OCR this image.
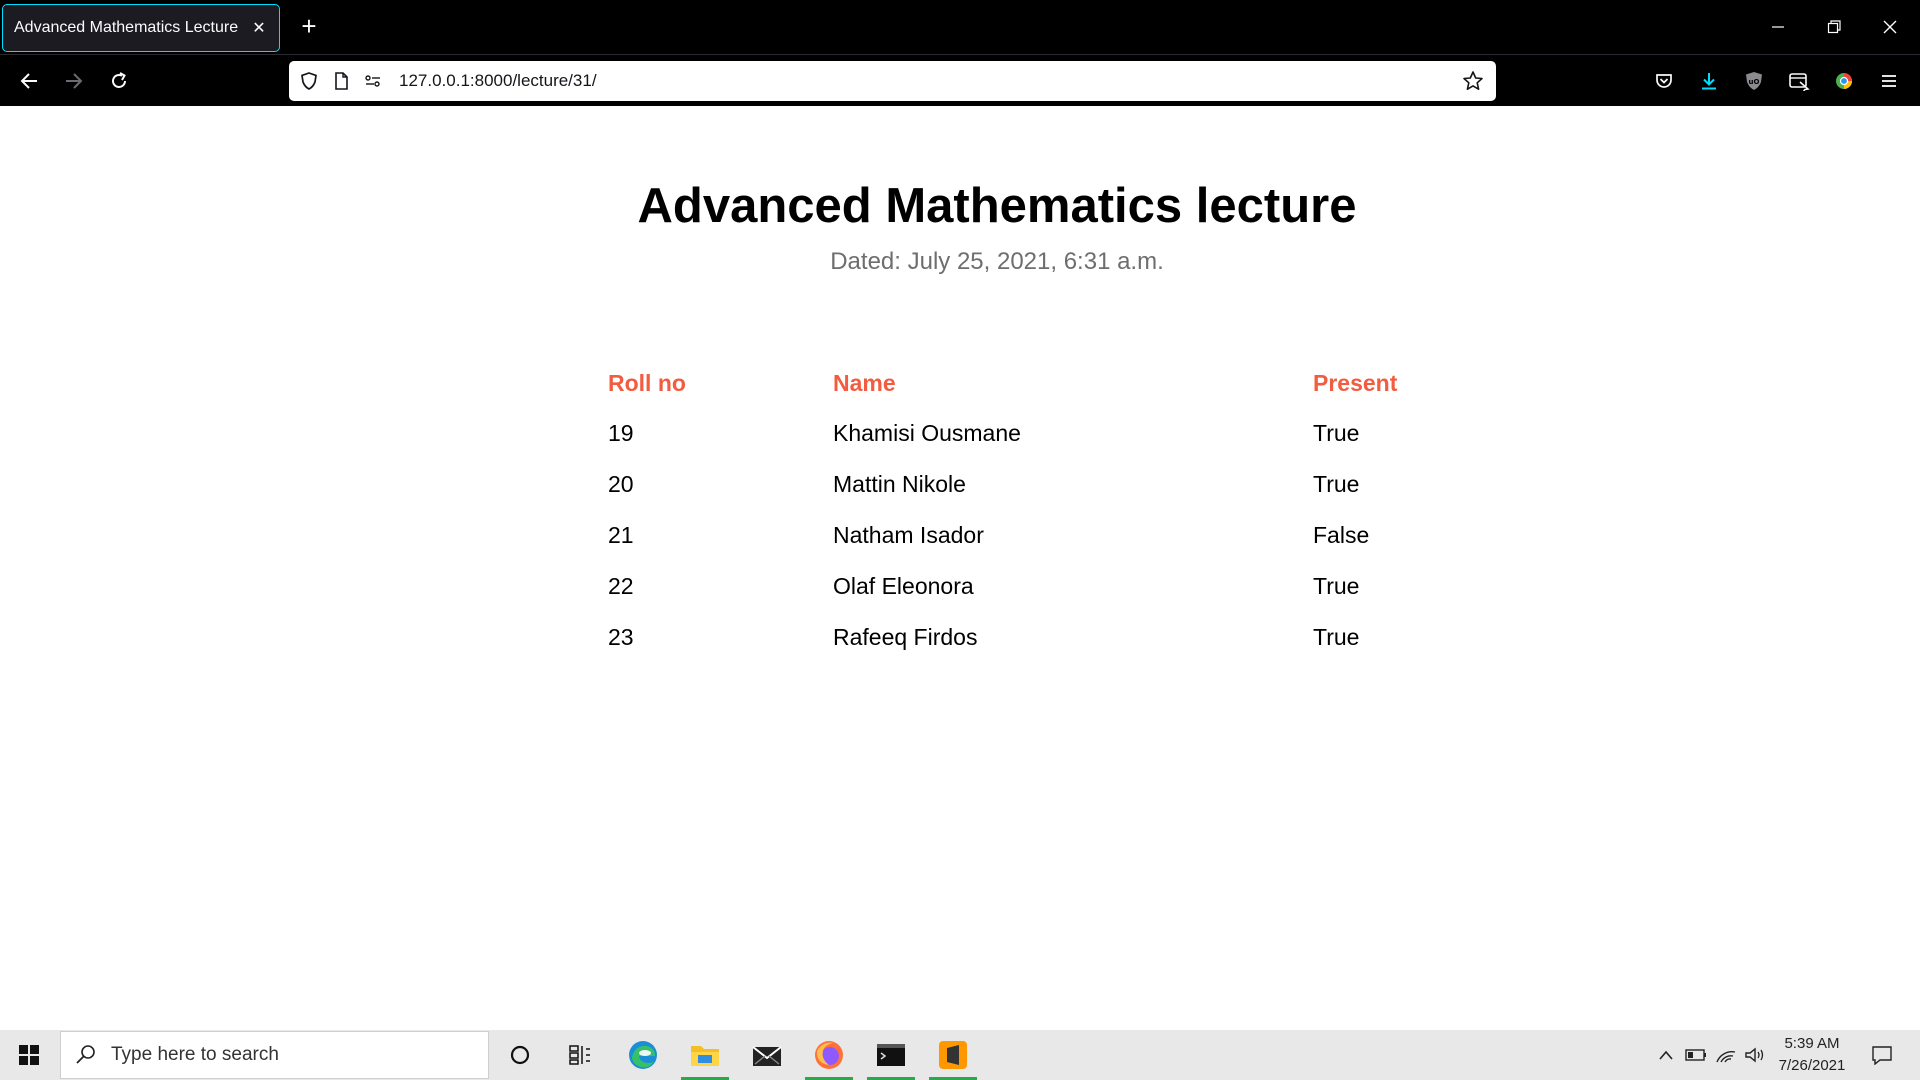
Advanced Mathematics Lecture ✕	+
127.0.0.1:8000/lecture/31/	uO
Advanced Mathematics lecture
Dated: July 25, 2021, 6:31 a.m.
Roll no	Name	Present
19	Khamisi Ousmane	True
20	Mattin Nikole	True
21	Natham Isador	False
22	Olaf Eleonora	True
23	Rafeeq Firdos	True
Type here to search
5:39 AM
7/26/2021
